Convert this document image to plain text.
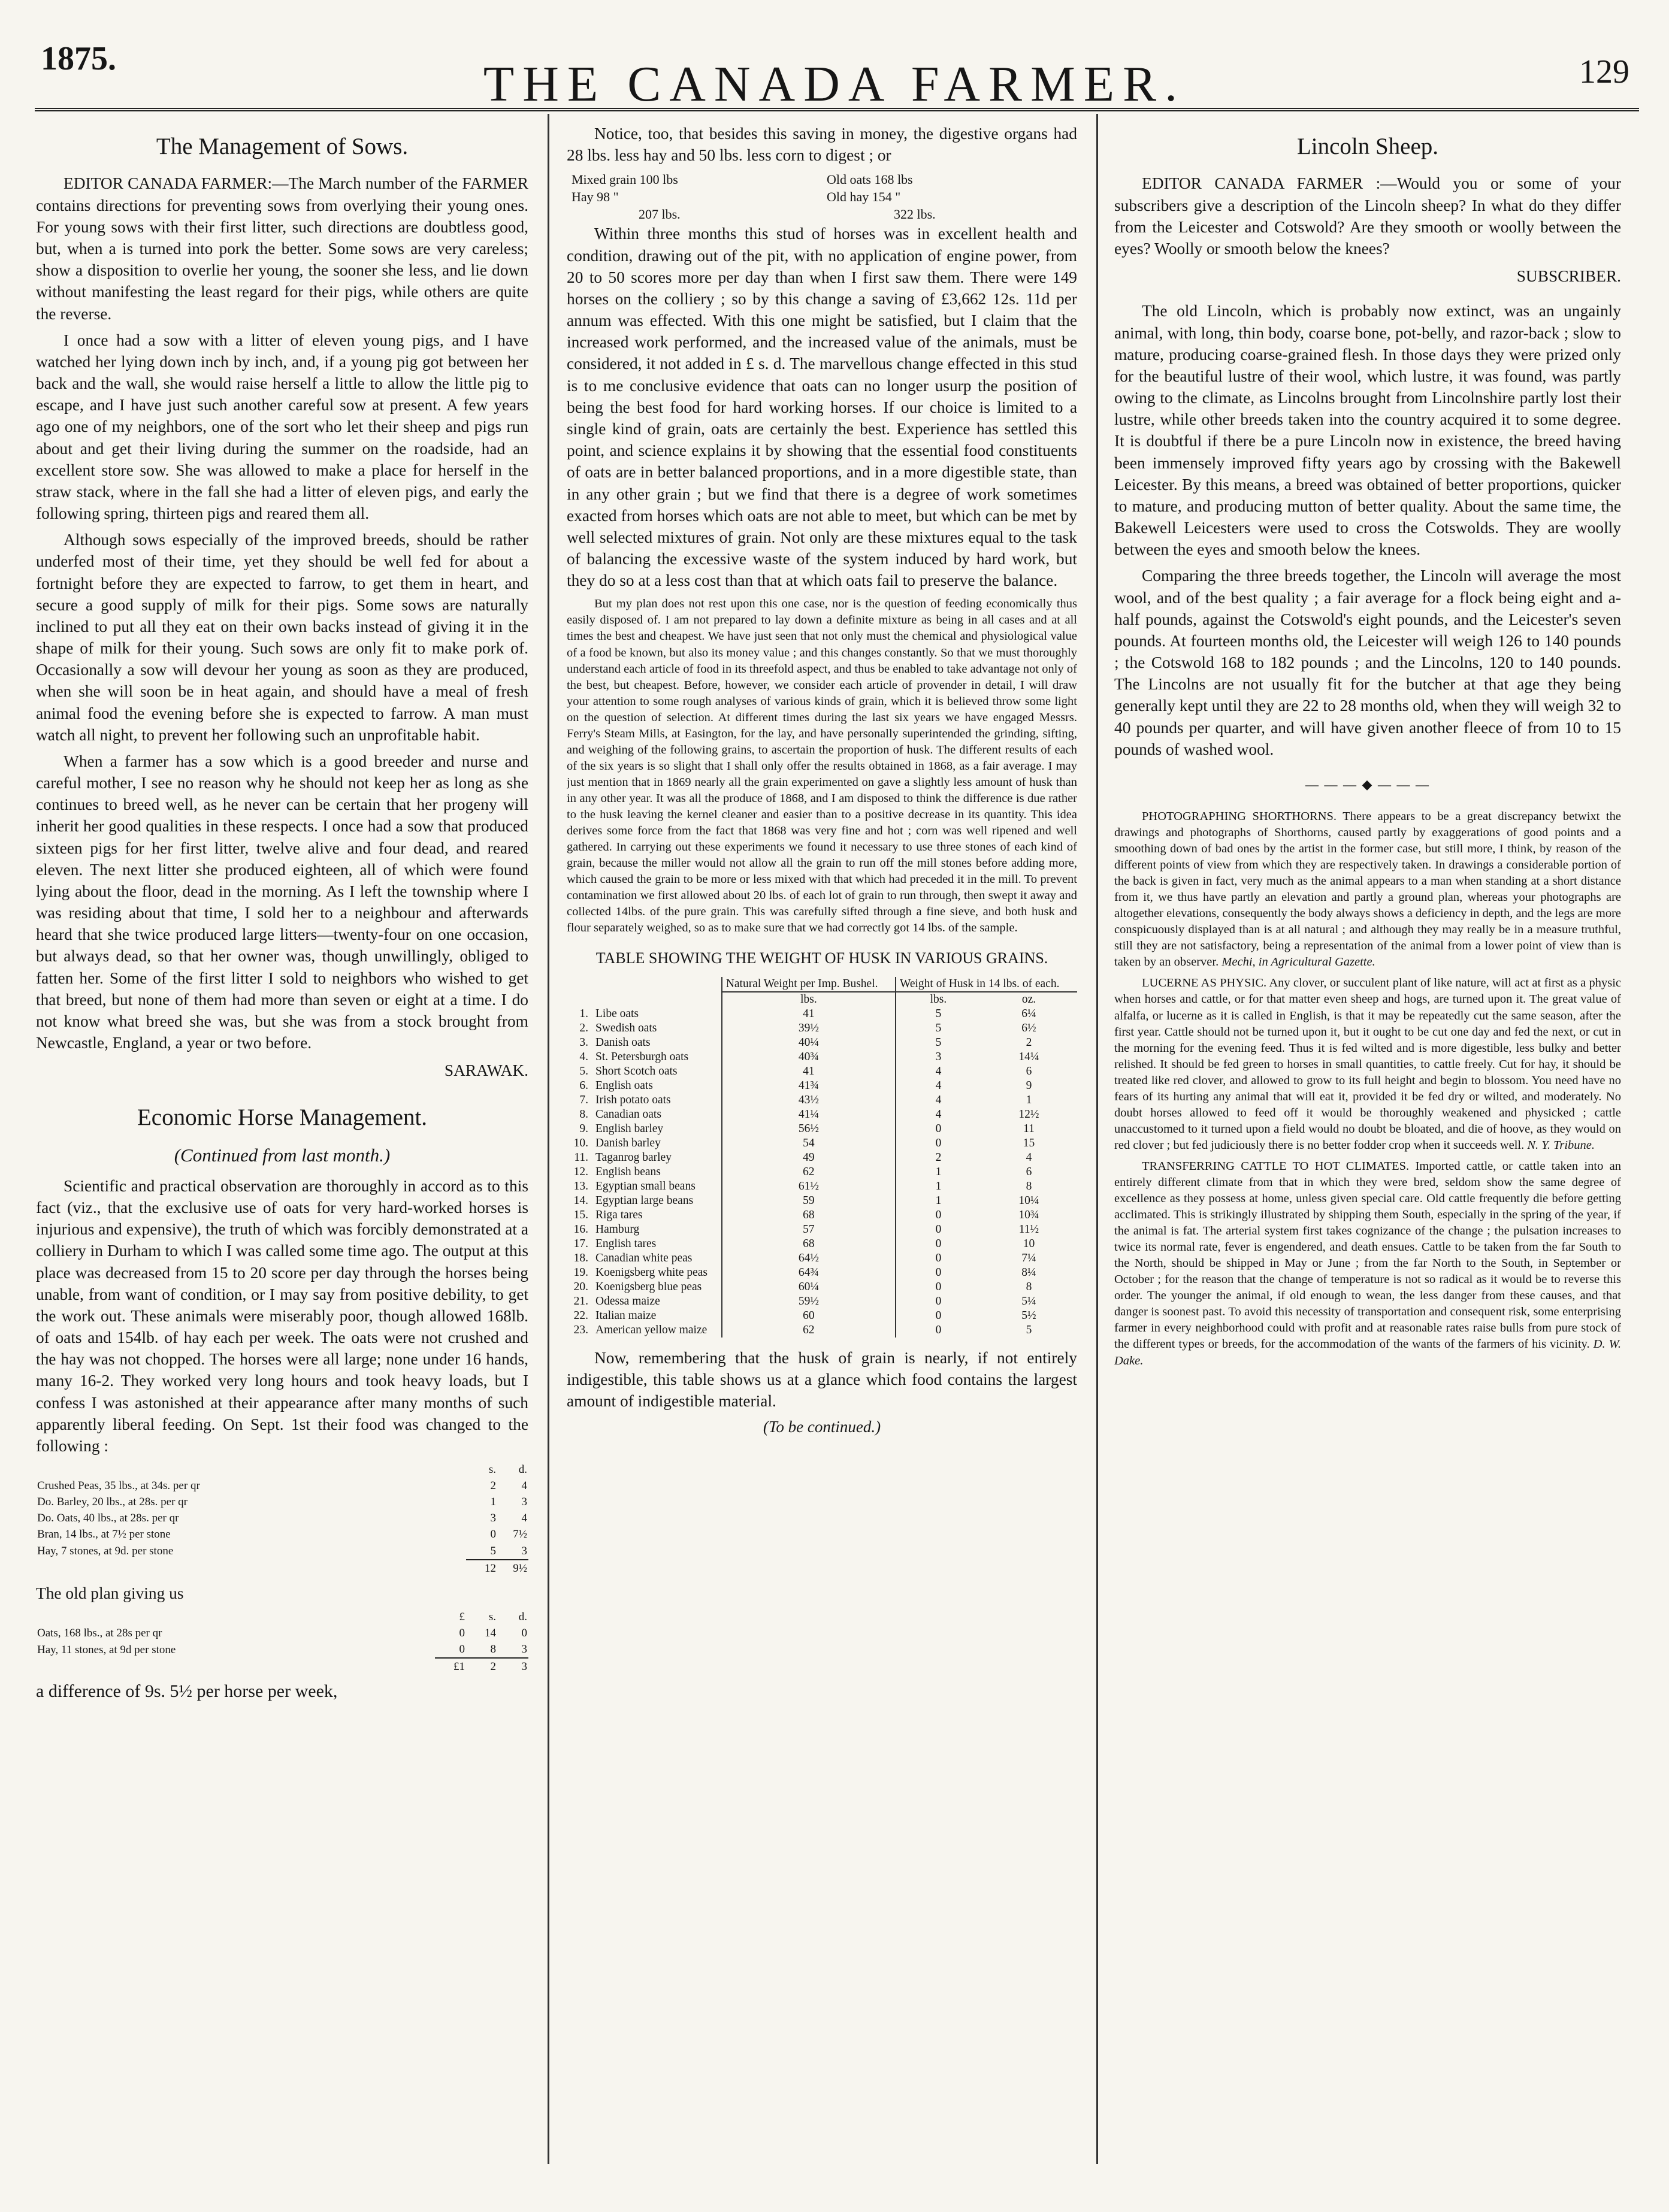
1875.	THE CANADA FARMER.	129
The Management of Sows.

EDITOR CANADA FARMER:—The March number of the FARMER contains directions for preventing sows from overlying their young ones. For young sows with their first litter, such directions are doubtless good, but, when a is turned into pork the better. Some sows are very careless; show a disposition to overlie her young, the sooner she less, and lie down without manifesting the least regard for their pigs, while others are quite the reverse.

I once had a sow with a litter of eleven young pigs, and I have watched her lying down inch by inch, and, if a young pig got between her back and the wall, she would raise herself a little to allow the little pig to escape, and I have just such another careful sow at present. A few years ago one of my neighbors, one of the sort who let their sheep and pigs run about and get their living during the summer on the roadside, had an excellent store sow. She was allowed to make a place for herself in the straw stack, where in the fall she had a litter of eleven pigs, and early the following spring, thirteen pigs and reared them all.

Although sows especially of the improved breeds, should be rather underfed most of their time, yet they should be well fed for about a fortnight before they are expected to farrow, to get them in heart, and secure a good supply of milk for their pigs. Some sows are naturally inclined to put all they eat on their own backs instead of giving it in the shape of milk for their young. Such sows are only fit to make pork of. Occasionally a sow will devour her young as soon as they are produced, when she will soon be in heat again, and should have a meal of fresh animal food the evening before she is expected to farrow. A man must watch all night, to prevent her following such an unprofitable habit.

When a farmer has a sow which is a good breeder and nurse and careful mother, I see no reason why he should not keep her as long as she continues to breed well, as he never can be certain that her progeny will inherit her good qualities in these respects. I once had a sow that produced sixteen pigs for her first litter, twelve alive and four dead, and reared eleven. The next litter she produced eighteen, all of which were found lying about the floor, dead in the morning. As I left the township where I was residing about that time, I sold her to a neighbour and afterwards heard that she twice produced large litters—twenty-four on one occasion, but always dead, so that her owner was, though unwillingly, obliged to fatten her. Some of the first litter I sold to neighbors who wished to get that breed, but none of them had more than seven or eight at a time. I do not know what breed she was, but she was from a stock brought from Newcastle, England, a year or two before.

SARAWAK.
Economic Horse Management.
(Continued from last month.)

Scientific and practical observation are thoroughly in accord as to this fact (viz., that the exclusive use of oats for very hard-worked horses is injurious and expensive), the truth of which was forcibly demonstrated at a colliery in Durham to which I was called some time ago. The output at this place was decreased from 15 to 20 score per day through the horses being unable, from want of condition, or I may say from positive debility, to get the work out. These animals were miserably poor, though allowed 168lb. of oats and 154lb. of hay each per week. The oats were not crushed and the hay was not chopped. The horses were all large; none under 16 hands, many 16-2. They worked very long hours and took heavy loads, but I confess I was astonished at their appearance after many months of such apparently liberal feeding. On Sept. 1st their food was changed to the following :

	s.	d.
Crushed Peas, 35 lbs., at 34s. per qr	2	4
Do. Barley, 20 lbs., at 28s. per qr	1	3
Do. Oats, 40 lbs., at 28s. per qr	3	4
Bran, 14 lbs., at 7½ per stone	0	7½
Hay, 7 stones, at 9d. per stone	5	3
	12	9½

The old plan giving us

	£	s.	d.
Oats, 168 lbs., at 28s per qr	0	14	0
Hay, 11 stones, at 9d per stone	0	8	3
	£1	2	3

a difference of 9s. 5½ per horse per week,

Notice, too, that besides this saving in money, the digestive organs had 28 lbs. less hay and 50 lbs. less corn to digest ; or

Mixed grain 100 lbs	Old oats 168 lbs
Hay 98 "	Old hay 154 "
207 lbs.	322 lbs.

Within three months this stud of horses was in excellent health and condition, drawing out of the pit, with no application of engine power, from 20 to 50 scores more per day than when I first saw them. There were 149 horses on the colliery ; so by this change a saving of £3,662 12s. 11d per annum was effected. With this one might be satisfied, but I claim that the increased work performed, and the increased value of the animals, must be considered, it not added in £ s. d. The marvellous change effected in this stud is to me conclusive evidence that oats can no longer usurp the position of being the best food for hard working horses. If our choice is limited to a single kind of grain, oats are certainly the best. Experience has settled this point, and science explains it by showing that the essential food constituents of oats are in better balanced proportions, and in a more digestible state, than in any other grain ; but we find that there is a degree of work sometimes exacted from horses which oats are not able to meet, but which can be met by well selected mixtures of grain. Not only are these mixtures equal to the task of balancing the excessive waste of the system induced by hard work, but they do so at a less cost than that at which oats fail to preserve the balance.

But my plan does not rest upon this one case, nor is the question of feeding economically thus easily disposed of. I am not prepared to lay down a definite mixture as being in all cases and at all times the best and cheapest. We have just seen that not only must the chemical and physiological value of a food be known, but also its money value ; and this changes constantly. So that we must thoroughly understand each article of food in its threefold aspect, and thus be enabled to take advantage not only of the best, but cheapest. Before, however, we consider each article of provender in detail, I will draw your attention to some rough analyses of various kinds of grain, which it is believed throw some light on the question of selection. At different times during the last six years we have engaged Messrs. Ferry's Steam Mills, at Easington, for the lay, and have personally superintended the grinding, sifting, and weighing of the following grains, to ascertain the proportion of husk. The different results of each of the six years is so slight that I shall only offer the results obtained in 1868, as a fair average. I may just mention that in 1869 nearly all the grain experimented on gave a slightly less amount of husk than in any other year. It was all the produce of 1868, and I am disposed to think the difference is due rather to the husk leaving the kernel cleaner and easier than to a positive decrease in its quantity. This idea derives some force from the fact that 1868 was very fine and hot ; corn was well ripened and well gathered. In carrying out these experiments we found it necessary to use three stones of each kind of grain, because the miller would not allow all the grain to run off the mill stones before adding more, which caused the grain to be more or less mixed with that which had preceded it in the mill. To prevent contamination we first allowed about 20 lbs. of each lot of grain to run through, then swept it away and collected 14lbs. of the pure grain. This was carefully sifted through a fine sieve, and both husk and flour separately weighed, so as to make sure that we had correctly got 14 lbs. of the sample.

TABLE SHOWING THE WEIGHT OF HUSK IN VARIOUS GRAINS.
		Natural Weight per Imp. Bushel.	Weight of Husk in 14 lbs. of each.	
		lbs.	lbs.	oz.
1.	Libe oats	41	5	6¼
2.	Swedish oats	39½	5	6½
3.	Danish oats	40¼	5	2
4.	St. Petersburgh oats	40¾	3	14¼
5.	Short Scotch oats	41	4	6
6.	English oats	41¾	4	9
7.	Irish potato oats	43½	4	1
8.	Canadian oats	41¼	4	12½
9.	English barley	56½	0	11
10.	Danish barley	54	0	15
11.	Taganrog barley	49	2	4
12.	English beans	62	1	6
13.	Egyptian small beans	61½	1	8
14.	Egyptian large beans	59	1	10¼
15.	Riga tares	68	0	10¾
16.	Hamburg	57	0	11½
17.	English tares	68	0	10
18.	Canadian white peas	64½	0	7¼
19.	Koenigsberg white peas	64¾	0	8¼
20.	Koenigsberg blue peas	60¼	0	8
21.	Odessa maize	59½	0	5¼
22.	Italian maize	60	0	5½
23.	American yellow maize	62	0	5

Now, remembering that the husk of grain is nearly, if not entirely indigestible, this table shows us at a glance which food contains the largest amount of indigestible material.

(To be continued.)
Lincoln Sheep.

EDITOR CANADA FARMER :—Would you or some of your subscribers give a description of the Lincoln sheep? In what do they differ from the Leicester and Cotswold? Are they smooth or woolly between the eyes? Woolly or smooth below the knees?

SUBSCRIBER.

The old Lincoln, which is probably now extinct, was an ungainly animal, with long, thin body, coarse bone, pot-belly, and razor-back ; slow to mature, producing coarse-grained flesh. In those days they were prized only for the beautiful lustre of their wool, which lustre, it was found, was partly owing to the climate, as Lincolns brought from Lincolnshire partly lost their lustre, while other breeds taken into the country acquired it to some degree. It is doubtful if there be a pure Lincoln now in existence, the breed having been immensely improved fifty years ago by crossing with the Bakewell Leicester. By this means, a breed was obtained of better proportions, quicker to mature, and producing mutton of better quality. About the same time, the Bakewell Leicesters were used to cross the Cotswolds. They are woolly between the eyes and smooth below the knees.

Comparing the three breeds together, the Lincoln will average the most wool, and of the best quality ; a fair average for a flock being eight and a-half pounds, against the Cotswold's eight pounds, and the Leicester's seven pounds. At fourteen months old, the Leicester will weigh 126 to 140 pounds ; the Cotswold 168 to 182 pounds ; and the Lincolns, 120 to 140 pounds. The Lincolns are not usually fit for the butcher at that age they being generally kept until they are 22 to 28 months old, when they will weigh 32 to 40 pounds per quarter, and will have given another fleece of from 10 to 15 pounds of washed wool.

— — — ◆ — — —

PHOTOGRAPHING SHORTHORNS. There appears to be a great discrepancy betwixt the drawings and photographs of Shorthorns, caused partly by exaggerations of good points and a smoothing down of bad ones by the artist in the former case, but still more, I think, by reason of the different points of view from which they are respectively taken. In drawings a considerable portion of the back is given in fact, very much as the animal appears to a man when standing at a short distance from it, we thus have partly an elevation and partly a ground plan, whereas your photographs are altogether elevations, consequently the body always shows a deficiency in depth, and the legs are more conspicuously displayed than is at all natural ; and although they may really be in a measure truthful, still they are not satisfactory, being a representation of the animal from a lower point of view than is taken by an observer. Mechi, in Agricultural Gazette.

LUCERNE AS PHYSIC. Any clover, or succulent plant of like nature, will act at first as a physic when horses and cattle, or for that matter even sheep and hogs, are turned upon it. The great value of alfalfa, or lucerne as it is called in English, is that it may be repeatedly cut the same season, after the first year. Cattle should not be turned upon it, but it ought to be cut one day and fed the next, or cut in the morning for the evening feed. Thus it is fed wilted and is more digestible, less bulky and better relished. It should be fed green to horses in small quantities, to cattle freely. Cut for hay, it should be treated like red clover, and allowed to grow to its full height and begin to blossom. You need have no fears of its hurting any animal that will eat it, provided it be fed dry or wilted, and moderately. No doubt horses allowed to feed off it would be thoroughly weakened and physicked ; cattle unaccustomed to it turned upon a field would no doubt be bloated, and die of hoove, as they would on red clover ; but fed judiciously there is no better fodder crop when it succeeds well. N. Y. Tribune.

TRANSFERRING CATTLE TO HOT CLIMATES. Imported cattle, or cattle taken into an entirely different climate from that in which they were bred, seldom show the same degree of excellence as they possess at home, unless given special care. Old cattle frequently die before getting acclimated. This is strikingly illustrated by shipping them South, especially in the spring of the year, if the animal is fat. The arterial system first takes cognizance of the change ; the pulsation increases to twice its normal rate, fever is engendered, and death ensues. Cattle to be taken from the far South to the North, should be shipped in May or June ; from the far North to the South, in September or October ; for the reason that the change of temperature is not so radical as it would be to reverse this order. The younger the animal, if old enough to wean, the less danger from these causes, and that danger is soonest past. To avoid this necessity of transportation and consequent risk, some enterprising farmer in every neighborhood could with profit and at reasonable rates raise bulls from pure stock of the different types or breeds, for the accommodation of the wants of the farmers of his vicinity. D. W. Dake.
